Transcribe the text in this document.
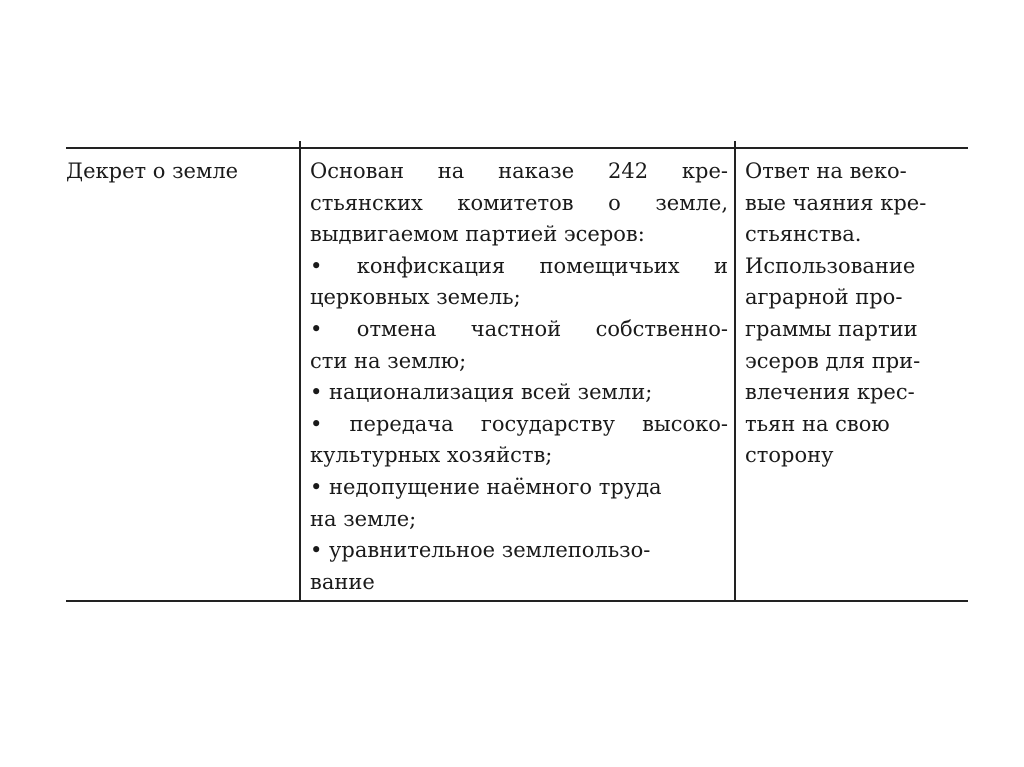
Декрет о земле	Основан на наказе 242 кре-
стьянских комитетов о земле,
выдвигаемом партией эсеров:
• конфискация помещичьих и
церковных земель;
• отмена частной собственно-
сти на землю;
• национализация всей земли;
• передача государству высоко-
культурных хозяйств;
• недопущение наёмного труда
на земле;
• уравнительное землепользо-
вание
Ответ на веко-
вые чаяния кре-
стьянства.
Использование
аграрной про-
граммы партии
эсеров для при-
влечения крес-
тьян на свою
сторону
